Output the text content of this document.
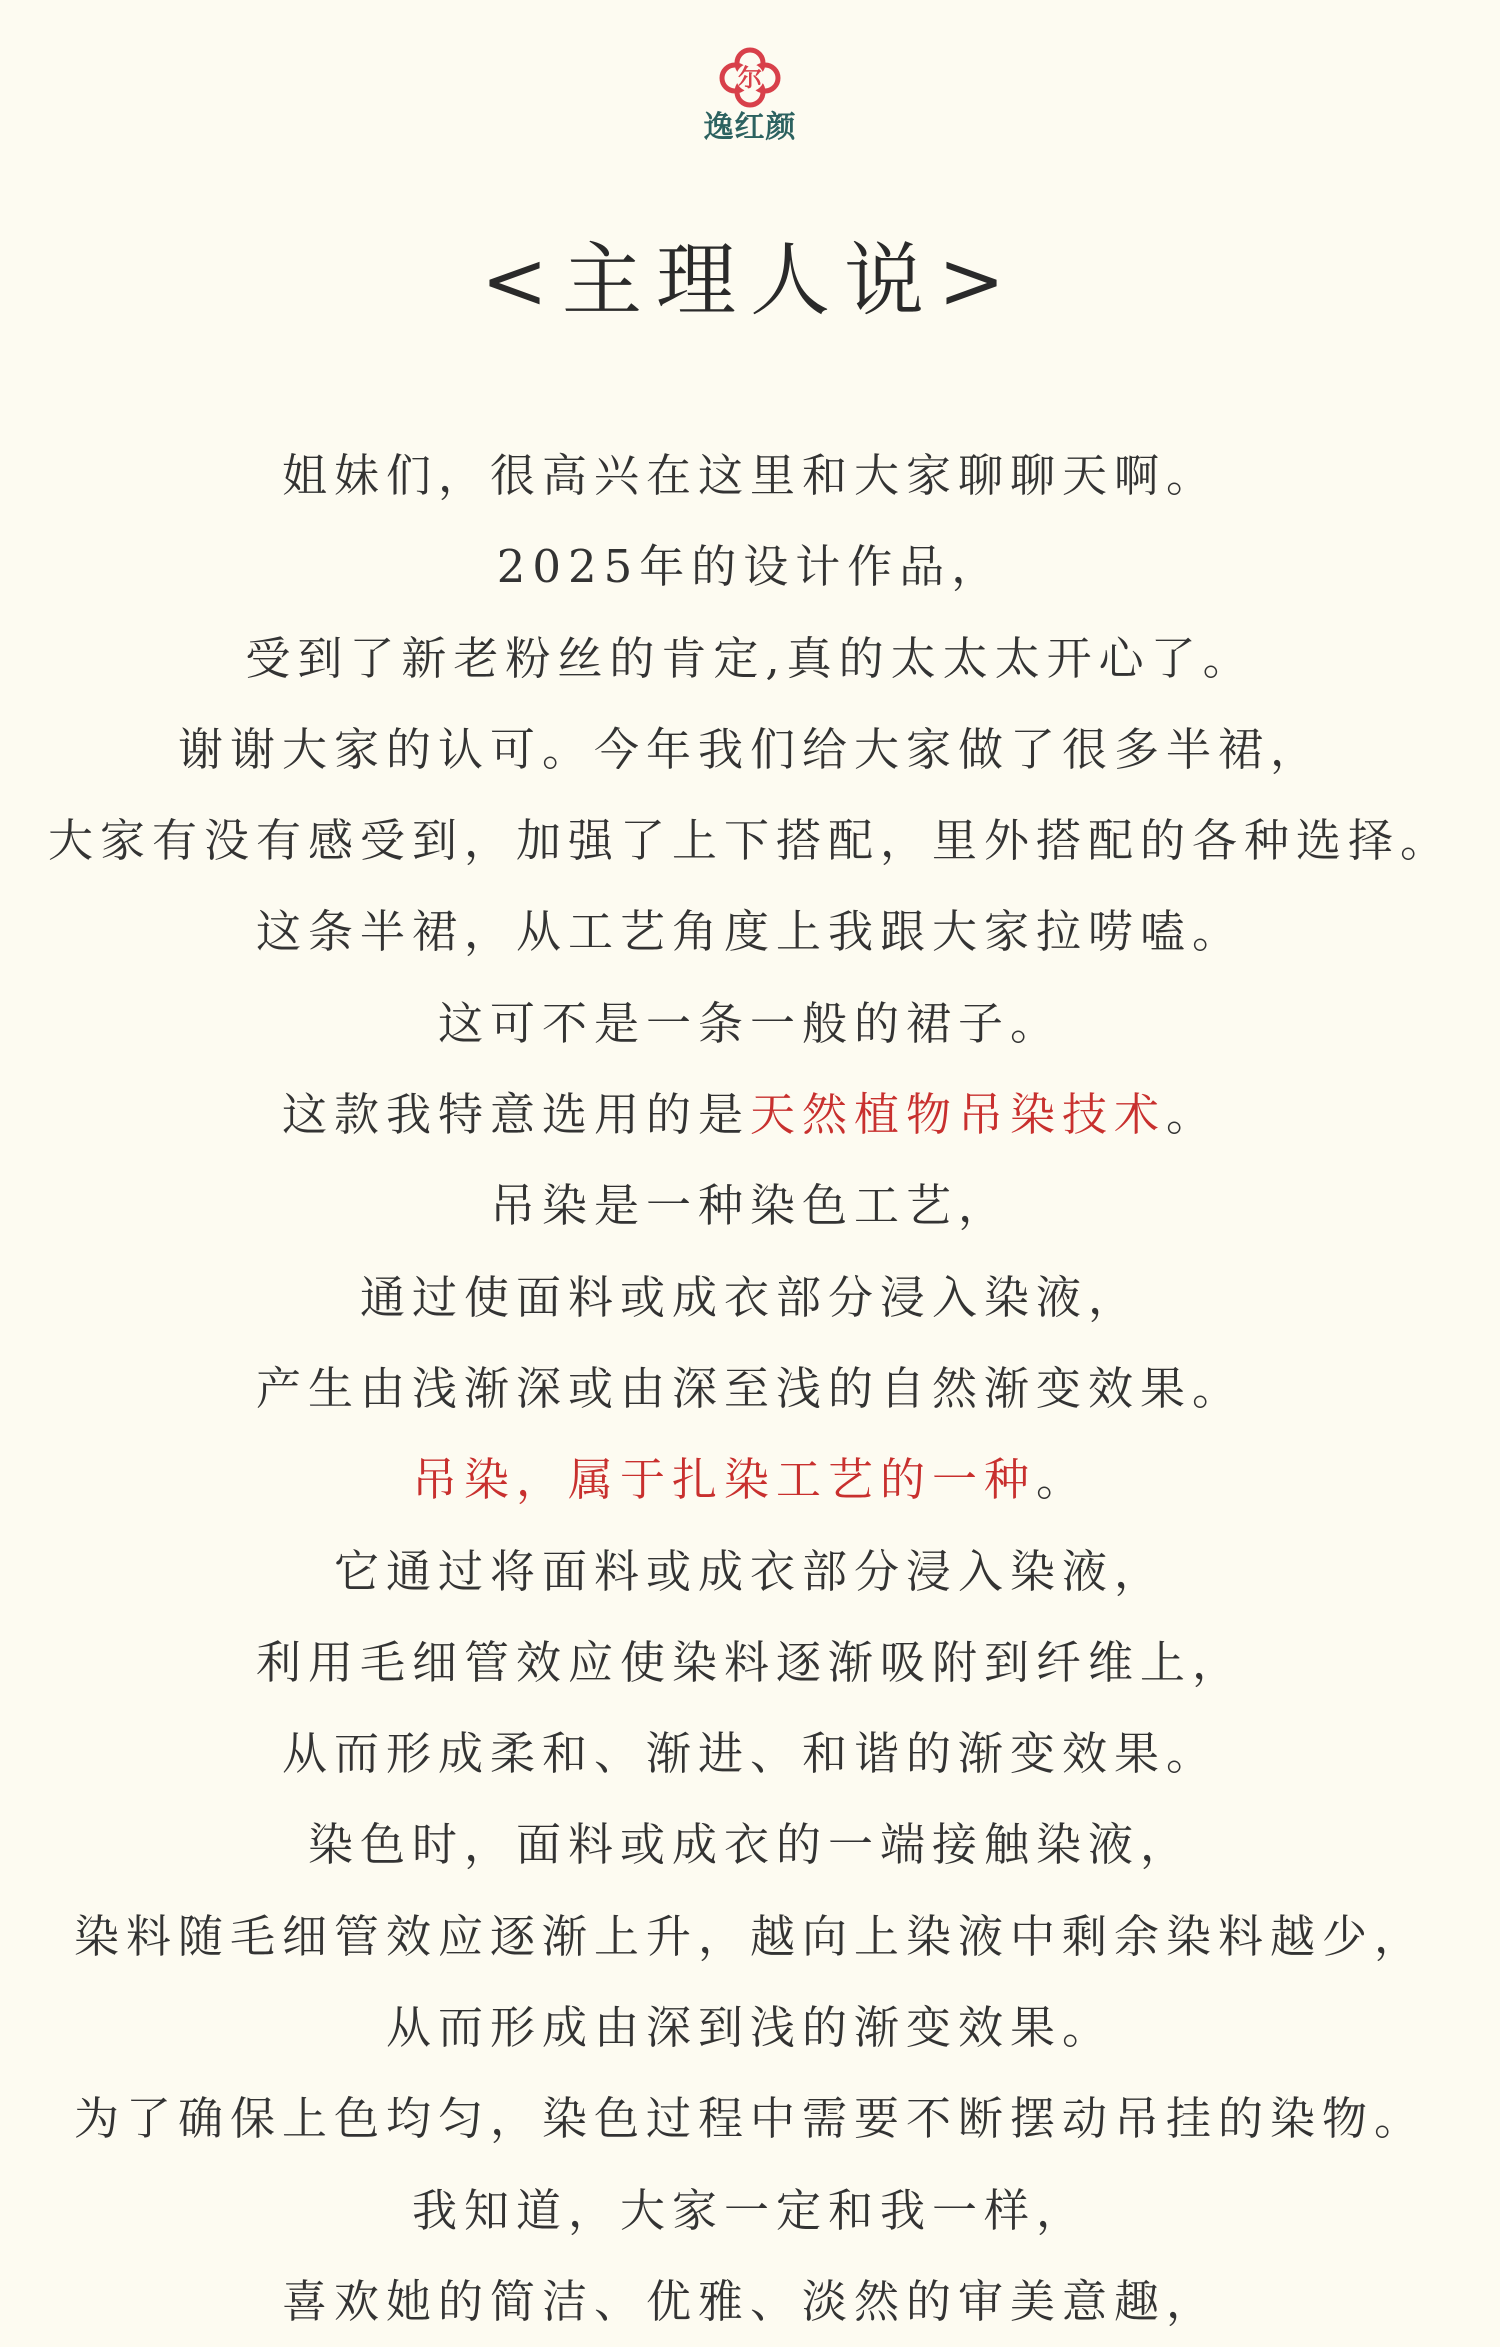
尔
逸红颜
<主理人说>
姐妹们，很高兴在这里和大家聊聊天啊。
2025年的设计作品，
受到了新老粉丝的肯定,真的太太太开心了。
谢谢大家的认可。今年我们给大家做了很多半裙，
大家有没有感受到，加强了上下搭配，里外搭配的各种选择。
这条半裙，从工艺角度上我跟大家拉唠嗑。
这可不是一条一般的裙子。
这款我特意选用的是天然植物吊染技术。
吊染是一种染色工艺，
通过使面料或成衣部分浸入染液，
产生由浅渐深或由深至浅的自然渐变效果。
吊染，属于扎染工艺的一种。
它通过将面料或成衣部分浸入染液，
利用毛细管效应使染料逐渐吸附到纤维上，
从而形成柔和、渐进、和谐的渐变效果。
染色时，面料或成衣的一端接触染液，
染料随毛细管效应逐渐上升，越向上染液中剩余染料越少，
从而形成由深到浅的渐变效果。
为了确保上色均匀，染色过程中需要不断摆动吊挂的染物。
我知道，大家一定和我一样，
喜欢她的简洁、优雅、淡然的审美意趣，
